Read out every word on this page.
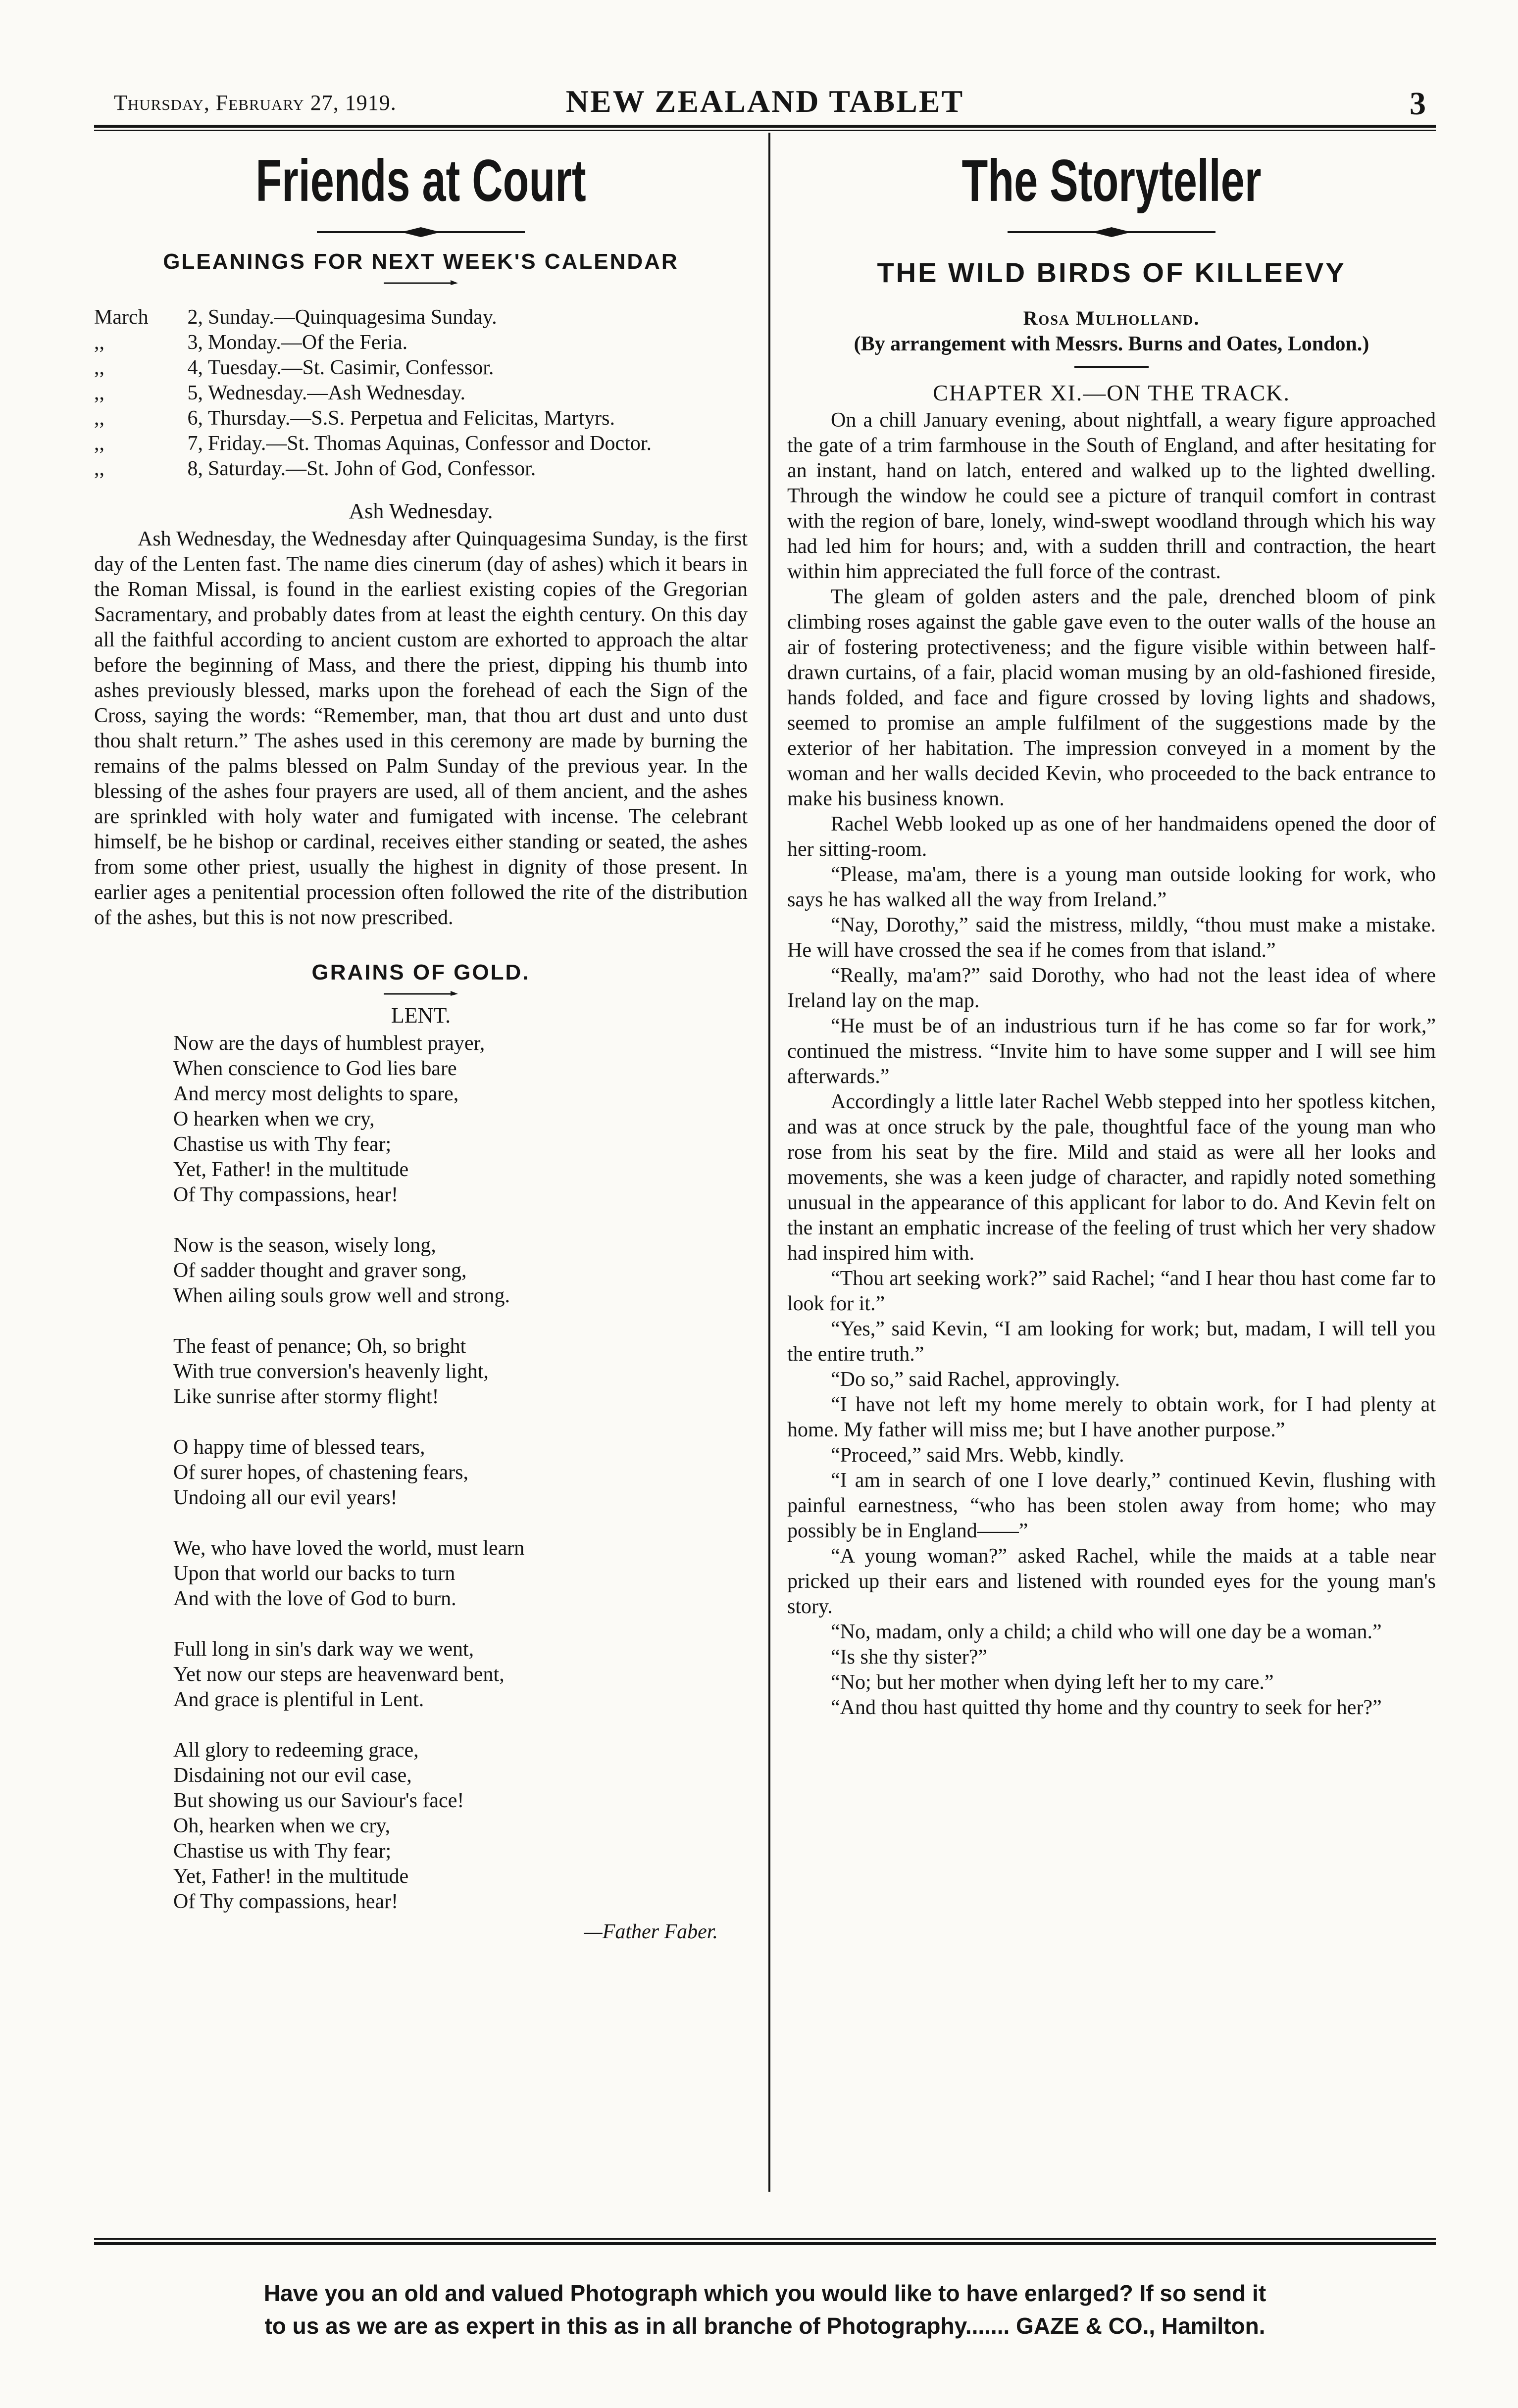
Thursday, February 27, 1919.	NEW ZEALAND TABLET	3
Friends at Court
GLEANINGS FOR NEXT WEEK'S CALENDAR
March	2, Sunday.—Quinquagesima Sunday.
,,	3, Monday.—Of the Feria.
,,	4, Tuesday.—St. Casimir, Confessor.
,,	5, Wednesday.—Ash Wednesday.
,,	6, Thursday.—S.S. Perpetua and Felicitas, Martyrs.
,,	7, Friday.—St. Thomas Aquinas, Confessor and Doctor.
,,	8, Saturday.—St. John of God, Confessor.
Ash Wednesday.

Ash Wednesday, the Wednesday after Quinquagesima Sunday, is the first day of the Lenten fast. The name dies cinerum (day of ashes) which it bears in the Roman Missal, is found in the earliest existing copies of the Gregorian Sacramentary, and probably dates from at least the eighth century. On this day all the faithful according to ancient custom are exhorted to approach the altar before the beginning of Mass, and there the priest, dipping his thumb into ashes previously blessed, marks upon the forehead of each the Sign of the Cross, saying the words: “Remember, man, that thou art dust and unto dust thou shalt return.” The ashes used in this ceremony are made by burning the remains of the palms blessed on Palm Sunday of the previous year. In the blessing of the ashes four prayers are used, all of them ancient, and the ashes are sprinkled with holy water and fumigated with incense. The celebrant himself, be he bishop or cardinal, receives either standing or seated, the ashes from some other priest, usually the highest in dignity of those present. In earlier ages a penitential procession often followed the rite of the distribution of the ashes, but this is not now prescribed.

GRAINS OF GOLD.
LENT.

Now are the days of humblest prayer,

When conscience to God lies bare

And mercy most delights to spare,

O hearken when we cry,

Chastise us with Thy fear;

Yet, Father! in the multitude

Of Thy compassions, hear!

Now is the season, wisely long,

Of sadder thought and graver song,

When ailing souls grow well and strong.

The feast of penance; Oh, so bright

With true conversion's heavenly light,

Like sunrise after stormy flight!

O happy time of blessed tears,

Of surer hopes, of chastening fears,

Undoing all our evil years!

We, who have loved the world, must learn

Upon that world our backs to turn

And with the love of God to burn.

Full long in sin's dark way we went,

Yet now our steps are heavenward bent,

And grace is plentiful in Lent.

All glory to redeeming grace,

Disdaining not our evil case,

But showing us our Saviour's face!

Oh, hearken when we cry,

Chastise us with Thy fear;

Yet, Father! in the multitude

Of Thy compassions, hear!

—Father Faber.
The Storyteller
THE WILD BIRDS OF KILLEEVY
Rosa Mulholland.
(By arrangement with Messrs. Burns and Oates, London.)
CHAPTER XI.—ON THE TRACK.

On a chill January evening, about nightfall, a weary figure approached the gate of a trim farmhouse in the South of England, and after hesitating for an instant, hand on latch, entered and walked up to the lighted dwelling. Through the window he could see a picture of tranquil comfort in contrast with the region of bare, lonely, wind-swept woodland through which his way had led him for hours; and, with a sudden thrill and contraction, the heart within him appreciated the full force of the contrast.

The gleam of golden asters and the pale, drenched bloom of pink climbing roses against the gable gave even to the outer walls of the house an air of fostering protectiveness; and the figure visible within between half-drawn curtains, of a fair, placid woman musing by an old-fashioned fireside, hands folded, and face and figure crossed by loving lights and shadows, seemed to promise an ample fulfilment of the suggestions made by the exterior of her habitation. The impression conveyed in a moment by the woman and her walls decided Kevin, who proceeded to the back entrance to make his business known.

Rachel Webb looked up as one of her handmaidens opened the door of her sitting-room.

“Please, ma'am, there is a young man outside looking for work, who says he has walked all the way from Ireland.”

“Nay, Dorothy,” said the mistress, mildly, “thou must make a mistake. He will have crossed the sea if he comes from that island.”

“Really, ma'am?” said Dorothy, who had not the least idea of where Ireland lay on the map.

“He must be of an industrious turn if he has come so far for work,” continued the mistress. “Invite him to have some supper and I will see him afterwards.”

Accordingly a little later Rachel Webb stepped into her spotless kitchen, and was at once struck by the pale, thoughtful face of the young man who rose from his seat by the fire. Mild and staid as were all her looks and movements, she was a keen judge of character, and rapidly noted something unusual in the appearance of this applicant for labor to do. And Kevin felt on the instant an emphatic increase of the feeling of trust which her very shadow had inspired him with.

“Thou art seeking work?” said Rachel; “and I hear thou hast come far to look for it.”

“Yes,” said Kevin, “I am looking for work; but, madam, I will tell you the entire truth.”

“Do so,” said Rachel, approvingly.

“I have not left my home merely to obtain work, for I had plenty at home. My father will miss me; but I have another purpose.”

“Proceed,” said Mrs. Webb, kindly.

“I am in search of one I love dearly,” continued Kevin, flushing with painful earnestness, “who has been stolen away from home; who may possibly be in England——”

“A young woman?” asked Rachel, while the maids at a table near pricked up their ears and listened with rounded eyes for the young man's story.

“No, madam, only a child; a child who will one day be a woman.”

“Is she thy sister?”

“No; but her mother when dying left her to my care.”

“And thou hast quitted thy home and thy country to seek for her?”

Have you an old and valued Photograph which you would like to have enlarged? If so send it
to us as we are as expert in this as in all branche of Photography....... GAZE & CO., Hamilton.
